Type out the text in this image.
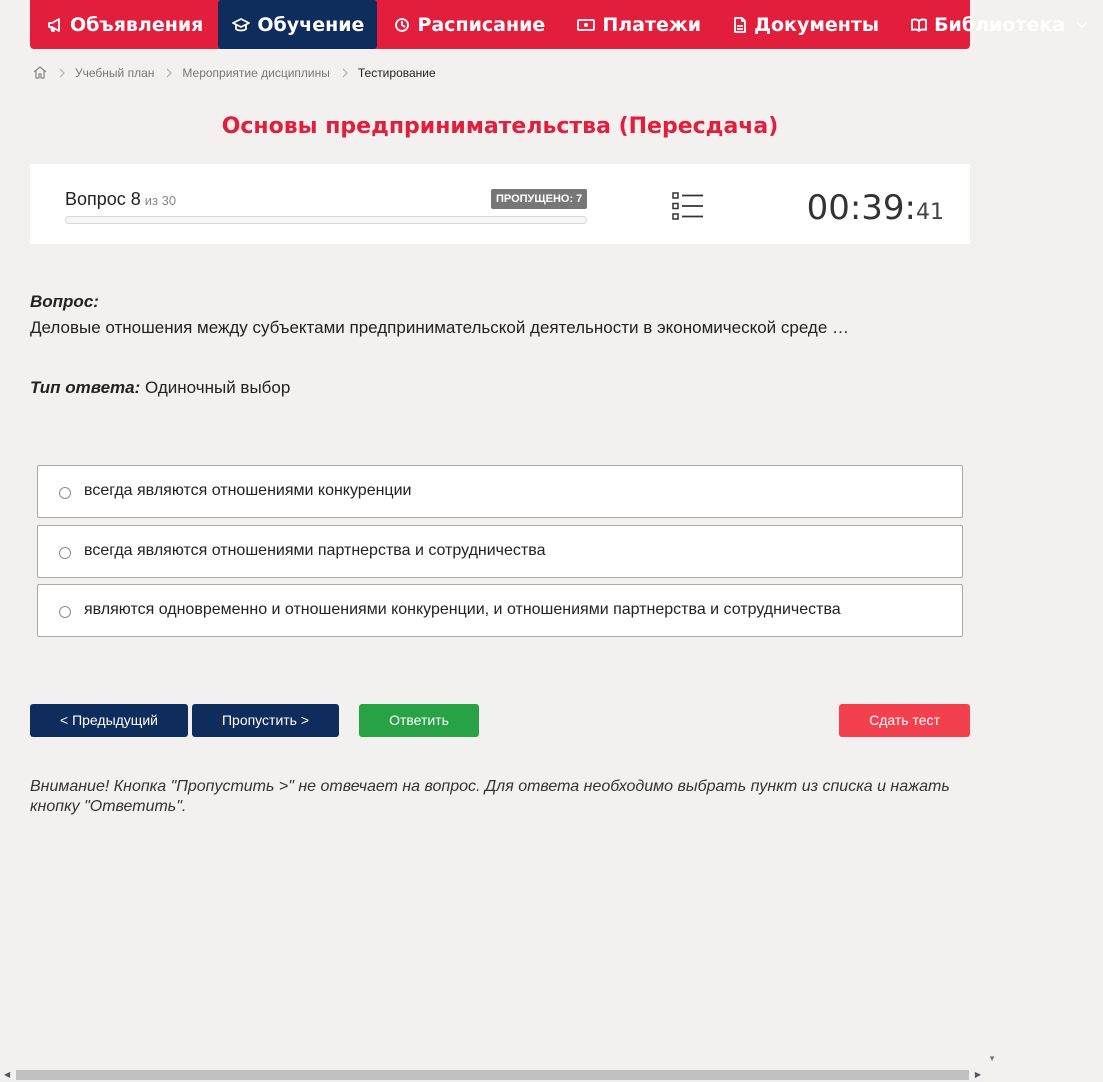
Объявления	Обучение	Расписание	Платежи	Документы	Библиотека
Учебный план Мероприятие дисциплины Тестирование
Основы предпринимательства (Пересдача)
Вопрос 8 из 30	ПРОПУЩЕНО: 7	00:39:41
Вопрос:
Деловые отношения между субъектами предпринимательской деятельности в экономической среде …
Тип ответа: Одиночный выбор
всегда являются отношениями конкуренции
всегда являются отношениями партнерства и сотрудничества
являются одновременно и отношениями конкуренции, и отношениями партнерства и сотрудничества
< Предыдущий	Пропустить >	Ответить	Сдать тест
Внимание! Кнопка "Пропустить >" не отвечает на вопрос. Для ответа необходимо выбрать пункт из списка и нажать кнопку "Ответить".
▼
◀	▶
